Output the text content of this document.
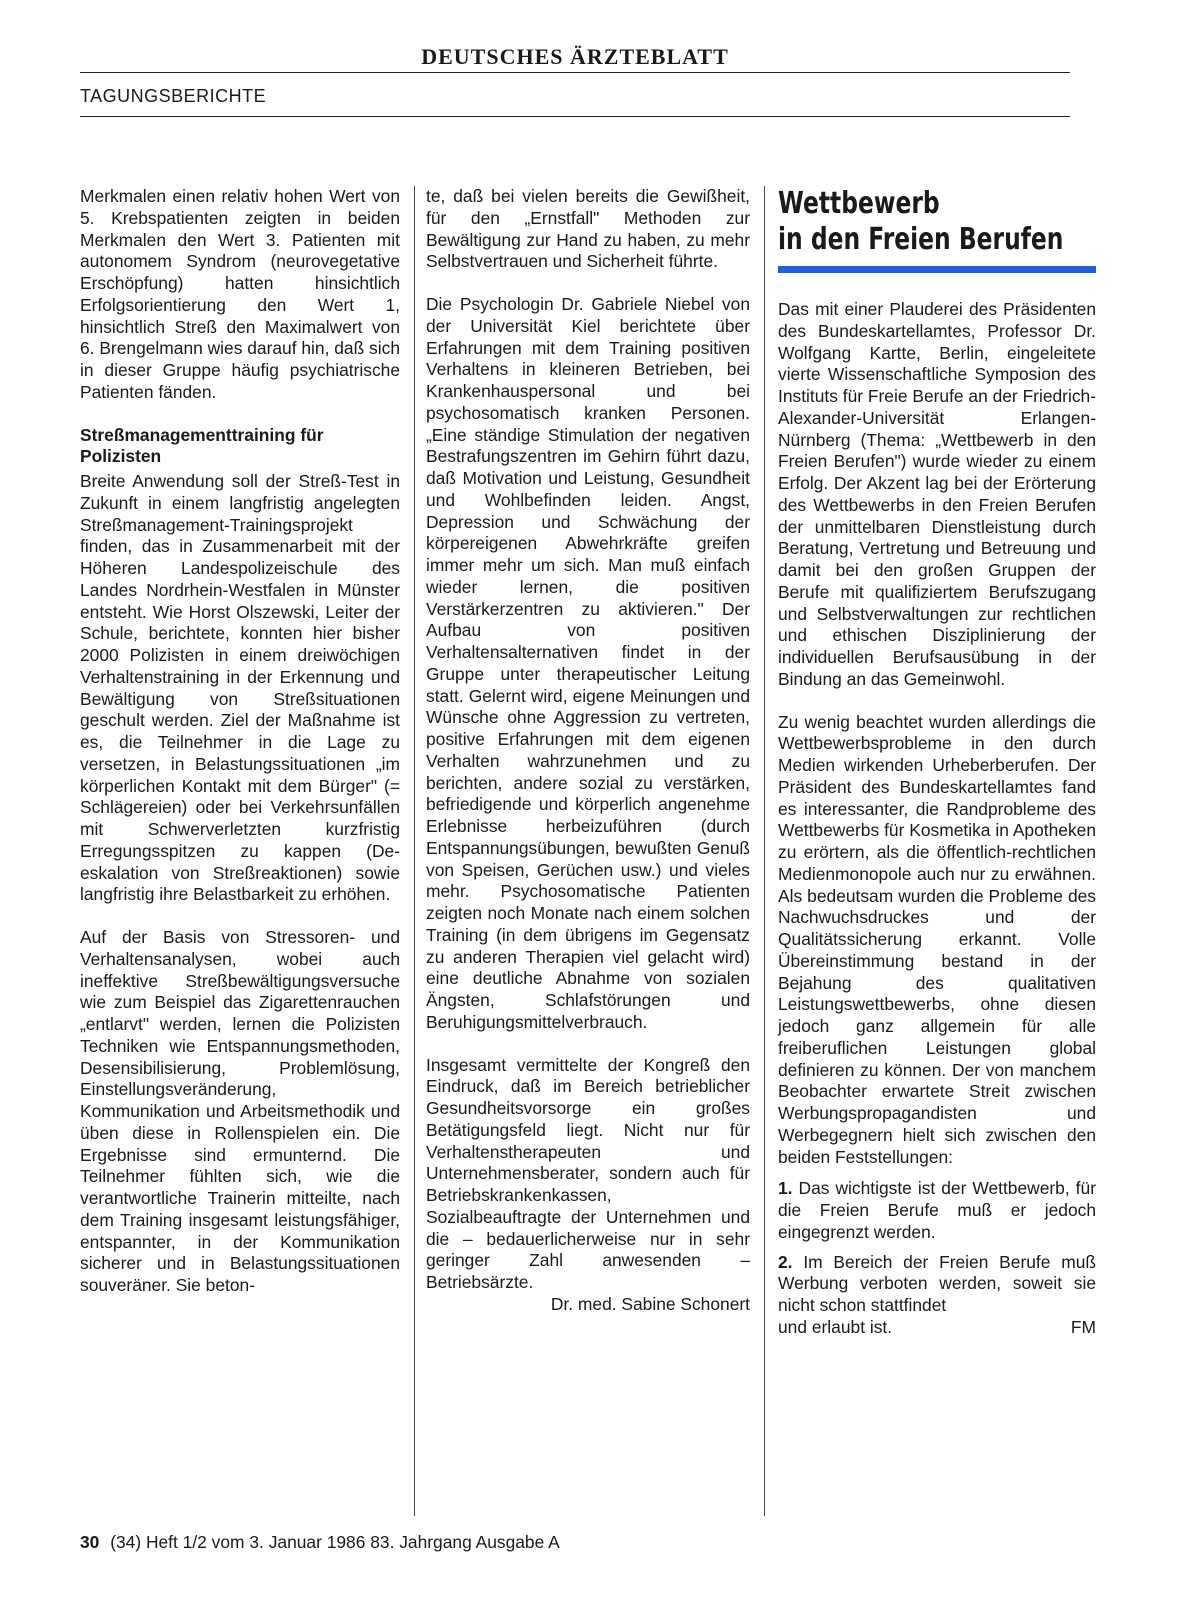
DEUTSCHES ÄRZTEBLATT
TAGUNGSBERICHTE

Merkmalen einen relativ hohen Wert von 5. Krebspatienten zeigten in beiden Merkmalen den Wert 3. Patienten mit autonomem Syndrom (neurovegetative Erschöpfung) hatten hinsichtlich Erfolgsorientierung den Wert 1, hinsichtlich Streß den Maximalwert von 6. Brengelmann wies darauf hin, daß sich in dieser Gruppe häufig psychiatrische Patienten fänden.

Streßmanagementtraining für Polizisten

Breite Anwendung soll der Streß-Test in Zukunft in einem langfristig angelegten Streßmanagement-Trainingsprojekt finden, das in Zusammenarbeit mit der Höheren Landespolizeischule des Landes Nordrhein-Westfalen in Münster entsteht. Wie Horst Olszewski, Leiter der Schule, berichtete, konnten hier bisher 2000 Polizisten in einem dreiwöchigen Verhaltenstraining in der Erkennung und Bewältigung von Streßsituationen geschult werden. Ziel der Maßnahme ist es, die Teilnehmer in die Lage zu versetzen, in Belastungssituationen „im körperlichen Kontakt mit dem Bürger" (= Schlägereien) oder bei Verkehrsunfällen mit Schwerverletzten kurzfristig Erregungsspitzen zu kappen (De-eskalation von Streßreaktionen) sowie langfristig ihre Belastbarkeit zu erhöhen.

Auf der Basis von Stressoren- und Verhaltensanalysen, wobei auch ineffektive Streßbewältigungsversuche wie zum Beispiel das Zigarettenrauchen „entlarvt" werden, lernen die Polizisten Techniken wie Entspannungsmethoden, Desensibilisierung, Problemlösung, Einstellungsveränderung, Kommunikation und Arbeitsmethodik und üben diese in Rollenspielen ein. Die Ergebnisse sind ermunternd. Die Teilnehmer fühlten sich, wie die verantwortliche Trainerin mitteilte, nach dem Training insgesamt leistungsfähiger, entspannter, in der Kommunikation sicherer und in Belastungssituationen souveräner. Sie beton-

te, daß bei vielen bereits die Gewißheit, für den „Ernstfall" Methoden zur Bewältigung zur Hand zu haben, zu mehr Selbstvertrauen und Sicherheit führte.

Die Psychologin Dr. Gabriele Niebel von der Universität Kiel berichtete über Erfahrungen mit dem Training positiven Verhaltens in kleineren Betrieben, bei Krankenhauspersonal und bei psychosomatisch kranken Personen. „Eine ständige Stimulation der negativen Bestrafungszentren im Gehirn führt dazu, daß Motivation und Leistung, Gesundheit und Wohlbefinden leiden. Angst, Depression und Schwächung der körpereigenen Abwehrkräfte greifen immer mehr um sich. Man muß einfach wieder lernen, die positiven Verstärkerzentren zu aktivieren." Der Aufbau von positiven Verhaltensalternativen findet in der Gruppe unter therapeutischer Leitung statt. Gelernt wird, eigene Meinungen und Wünsche ohne Aggression zu vertreten, positive Erfahrungen mit dem eigenen Verhalten wahrzunehmen und zu berichten, andere sozial zu verstärken, befriedigende und körperlich angenehme Erlebnisse herbeizuführen (durch Entspannungsübungen, bewußten Genuß von Speisen, Gerüchen usw.) und vieles mehr. Psychosomatische Patienten zeigten noch Monate nach einem solchen Training (in dem übrigens im Gegensatz zu anderen Therapien viel gelacht wird) eine deutliche Abnahme von sozialen Ängsten, Schlafstörungen und Beruhigungsmittelverbrauch.

Insgesamt vermittelte der Kongreß den Eindruck, daß im Bereich betrieblicher Gesundheitsvorsorge ein großes Betätigungsfeld liegt. Nicht nur für Verhaltenstherapeuten und Unternehmensberater, sondern auch für Betriebskrankenkassen, Sozialbeauftragte der Unternehmen und die – bedauerlicherweise nur in sehr geringer Zahl anwesenden – Betriebsärzte.

Dr. med. Sabine Schonert

Wettbewerb
in den Freien Berufen

Das mit einer Plauderei des Präsidenten des Bundeskartellamtes, Professor Dr. Wolfgang Kartte, Berlin, eingeleitete vierte Wissenschaftliche Symposion des Instituts für Freie Berufe an der Friedrich-Alexander-Universität Erlangen-Nürnberg (Thema: „Wettbewerb in den Freien Berufen") wurde wieder zu einem Erfolg. Der Akzent lag bei der Erörterung des Wettbewerbs in den Freien Berufen der unmittelbaren Dienstleistung durch Beratung, Vertretung und Betreuung und damit bei den großen Gruppen der Berufe mit qualifiziertem Berufszugang und Selbstverwaltungen zur rechtlichen und ethischen Disziplinierung der individuellen Berufsausübung in der Bindung an das Gemeinwohl.

Zu wenig beachtet wurden allerdings die Wettbewerbsprobleme in den durch Medien wirkenden Urheberberufen. Der Präsident des Bundeskartellamtes fand es interessanter, die Randprobleme des Wettbewerbs für Kosmetika in Apotheken zu erörtern, als die öffentlich-rechtlichen Medienmonopole auch nur zu erwähnen. Als bedeutsam wurden die Probleme des Nachwuchsdruckes und der Qualitätssicherung erkannt. Volle Übereinstimmung bestand in der Bejahung des qualitativen Leistungswettbewerbs, ohne diesen jedoch ganz allgemein für alle freiberuflichen Leistungen global definieren zu können. Der von manchem Beobachter erwartete Streit zwischen Werbungspropagandisten und Werbegegnern hielt sich zwischen den beiden Feststellungen:

1. Das wichtigste ist der Wettbewerb, für die Freien Berufe muß er jedoch eingegrenzt werden.

2. Im Bereich der Freien Berufe muß Werbung verboten werden, soweit sie nicht schon stattfindet

und erlaubt ist.	FM
30 (34) Heft 1/2 vom 3. Januar 1986 83. Jahrgang Ausgabe A
